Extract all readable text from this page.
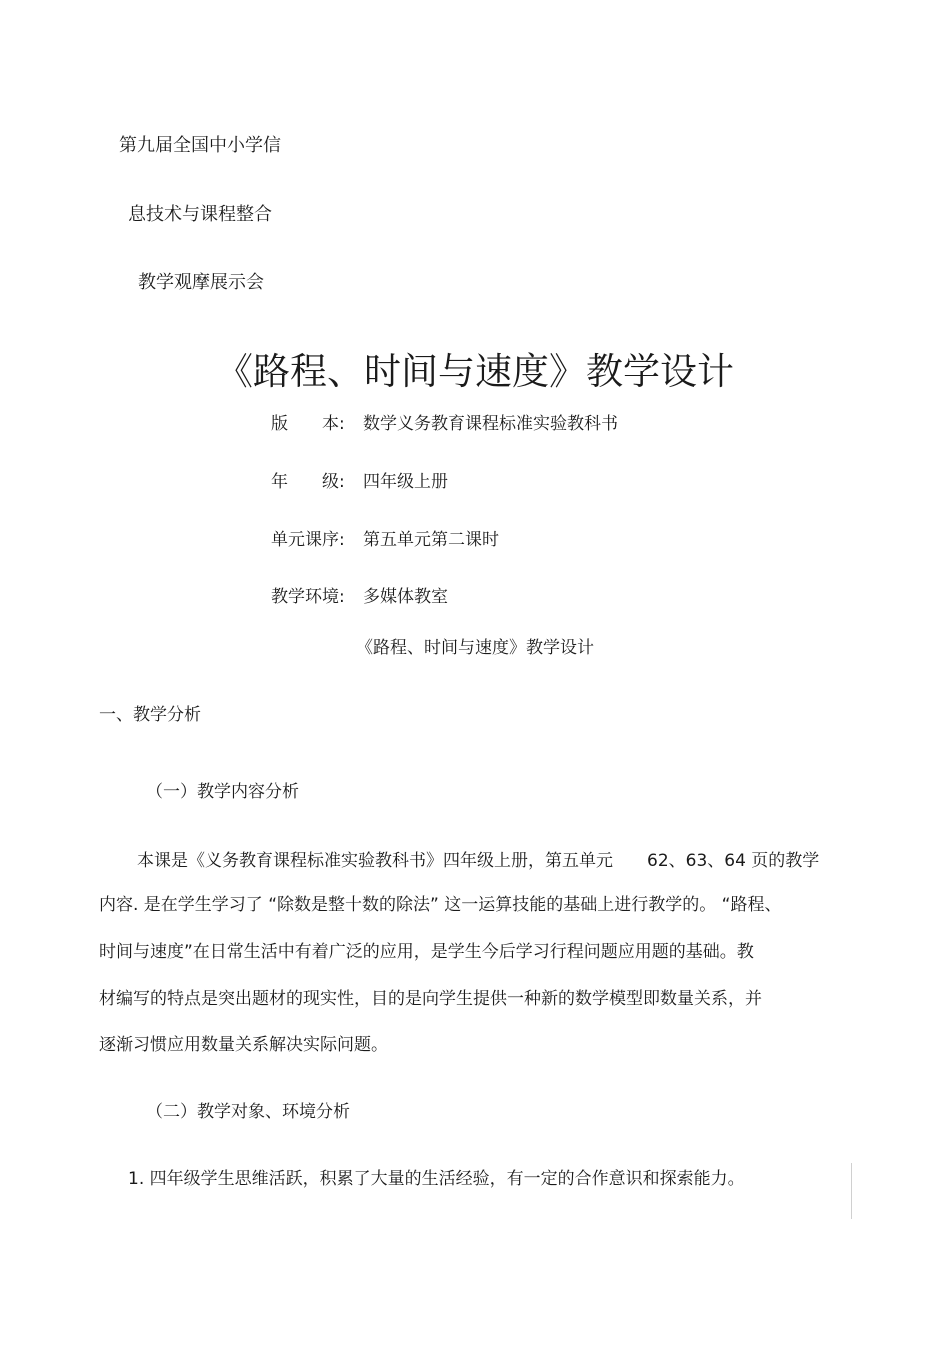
第九届全国中小学信
息技术与课程整合
教学观摩展示会
《路程、时间与速度》教学设计
版　　本: 数学义务教育课程标准实验教科书
年　　级: 四年级上册
单元课序: 第五单元第二课时
教学环境: 多媒体教室
《路程、时间与速度》教学设计
一、教学分析
（一）教学内容分析
本课是《义务教育课程标准实验教科书》四年级上册，第五单元　　62、63、64 页的教学
内容. 是在学生学习了 “除数是整十数的除法” 这一运算技能的基础上进行教学的。 “路程、
时间与速度”在日常生活中有着广泛的应用，是学生今后学习行程问题应用题的基础。教
材编写的特点是突出题材的现实性，目的是向学生提供一种新的数学模型即数量关系，并
逐渐习惯应用数量关系解决实际问题。
（二）教学对象、环境分析
1. 四年级学生思维活跃，积累了大量的生活经验，有一定的合作意识和探索能力。
